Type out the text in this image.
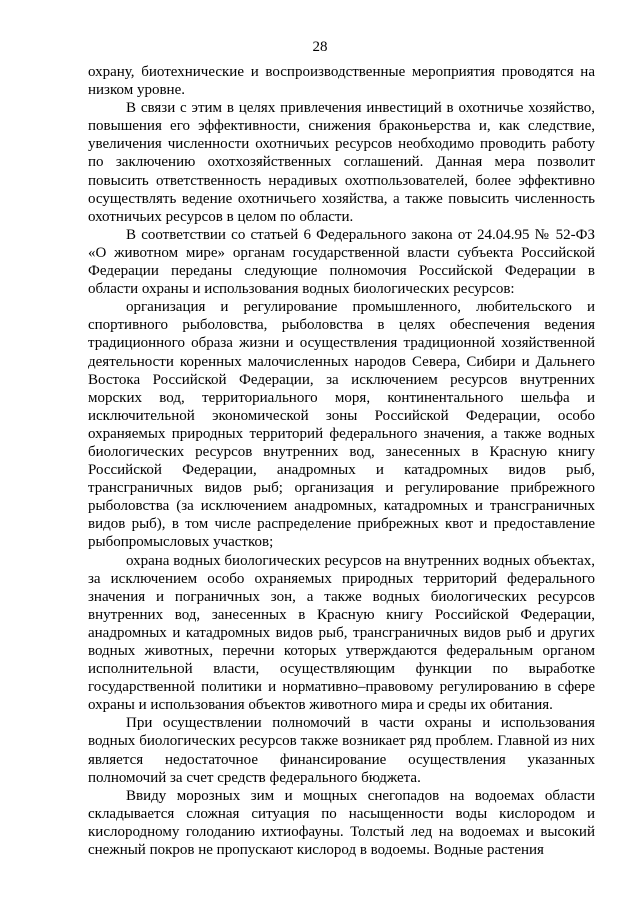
28

охрану, биотехнические и воспроизводственные мероприятия проводятся на низком уровне.

В связи с этим в целях привлечения инвестиций в охотничье хозяйство, повышения его эффективности, снижения браконьерства и, как следствие, увеличения численности охотничьих ресурсов необходимо проводить работу по заключению охотхозяйственных соглашений. Данная мера позволит повысить ответственность нерадивых охотпользователей, более эффективно осуществлять ведение охотничьего хозяйства, а также повысить численность охотничьих ресурсов в целом по области.

В соответствии со статьей 6 Федерального закона от 24.04.95 № 52-ФЗ «О животном мире» органам государственной власти субъекта Российской Федерации переданы следующие полномочия Российской Федерации в области охраны и использования водных биологических ресурсов:

организация и регулирование промышленного, любительского и спортивного рыболовства, рыболовства в целях обеспечения ведения традиционного образа жизни и осуществления традиционной хозяйственной деятельности коренных малочисленных народов Севера, Сибири и Дальнего Востока Российской Федерации, за исключением ресурсов внутренних морских вод, территориального моря, континентального шельфа и исключительной экономической зоны Российской Федерации, особо охраняемых природных территорий федерального значения, а также водных биологических ресурсов внутренних вод, занесенных в Красную книгу Российской Федерации, анадромных и катадромных видов рыб, трансграничных видов рыб; организация и регулирование прибрежного рыболовства (за исключением анадромных, катадромных и трансграничных видов рыб), в том числе распределение прибрежных квот и предоставление рыбопромысловых участков;

охрана водных биологических ресурсов на внутренних водных объектах, за исключением особо охраняемых природных территорий федерального значения и пограничных зон, а также водных биологических ресурсов внутренних вод, занесенных в Красную книгу Российской Федерации, анадромных и катадромных видов рыб, трансграничных видов рыб и других водных животных, перечни которых утверждаются федеральным органом исполнительной власти, осуществляющим функции по выработке государственной политики и нормативно–правовому регулированию в сфере охраны и использования объектов животного мира и среды их обитания.

При осуществлении полномочий в части охраны и использования водных биологических ресурсов также возникает ряд проблем. Главной из них является недостаточное финансирование осуществления указанных полномочий за счет средств федерального бюджета.

Ввиду морозных зим и мощных снегопадов на водоемах области складывается сложная ситуация по насыщенности воды кислородом и кислородному голоданию ихтиофауны. Толстый лед на водоемах и высокий снежный покров не пропускают кислород в водоемы. Водные растения
